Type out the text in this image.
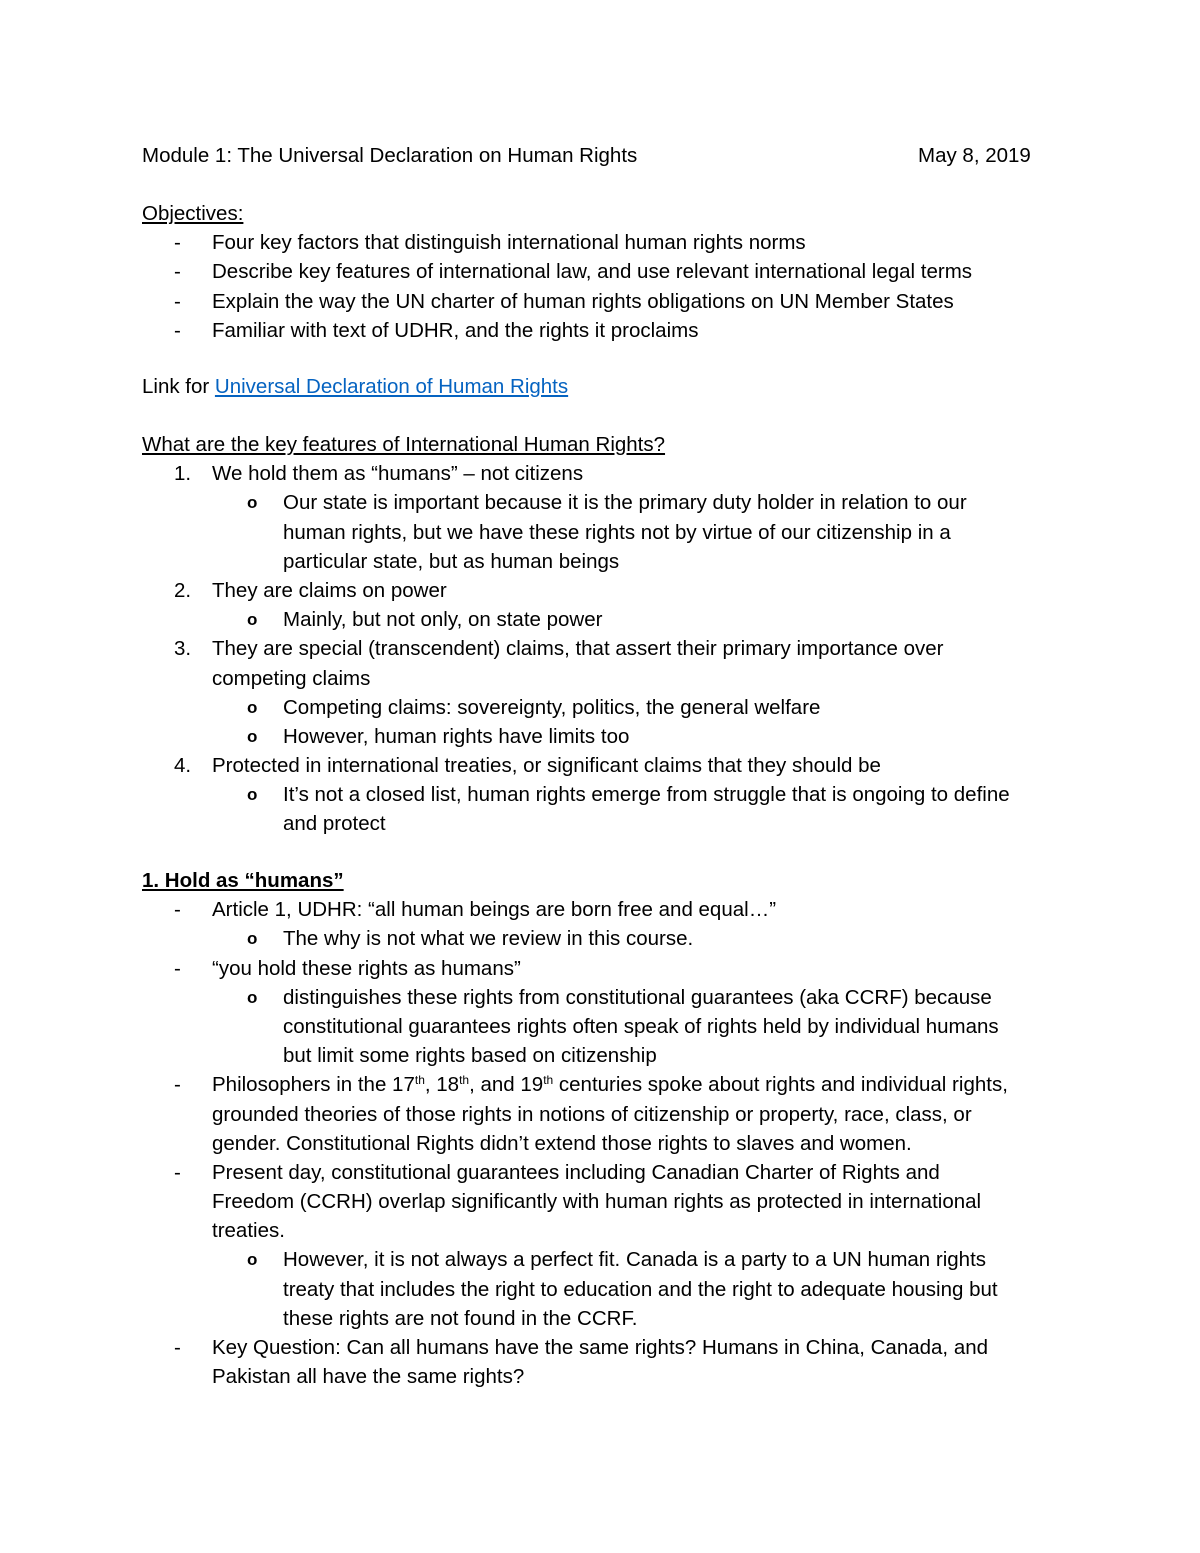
Module 1: The Universal Declaration on Human Rights	May 8, 2019
Objectives:
- Four key factors that distinguish international human rights norms
- Describe key features of international law, and use relevant international legal terms
- Explain the way the UN charter of human rights obligations on UN Member States
- Familiar with text of UDHR, and the rights it proclaims
Link for Universal Declaration of Human Rights
What are the key features of International Human Rights?
1. We hold them as “humans” – not citizens
o Our state is important because it is the primary duty holder in relation to our
human rights, but we have these rights not by virtue of our citizenship in a
particular state, but as human beings
2. They are claims on power
o Mainly, but not only, on state power
3. They are special (transcendent) claims, that assert their primary importance over
competing claims
o Competing claims: sovereignty, politics, the general welfare
o However, human rights have limits too
4. Protected in international treaties, or significant claims that they should be
o It’s not a closed list, human rights emerge from struggle that is ongoing to define
and protect
1. Hold as “humans”
- Article 1, UDHR: “all human beings are born free and equal…”
o The why is not what we review in this course.
- “you hold these rights as humans”
o distinguishes these rights from constitutional guarantees (aka CCRF) because
constitutional guarantees rights often speak of rights held by individual humans
but limit some rights based on citizenship
- Philosophers in the 17th, 18th, and 19th centuries spoke about rights and individual rights,
grounded theories of those rights in notions of citizenship or property, race, class, or
gender. Constitutional Rights didn’t extend those rights to slaves and women.
- Present day, constitutional guarantees including Canadian Charter of Rights and
Freedom (CCRH) overlap significantly with human rights as protected in international
treaties.
o However, it is not always a perfect fit. Canada is a party to a UN human rights
treaty that includes the right to education and the right to adequate housing but
these rights are not found in the CCRF.
- Key Question: Can all humans have the same rights? Humans in China, Canada, and
Pakistan all have the same rights?
